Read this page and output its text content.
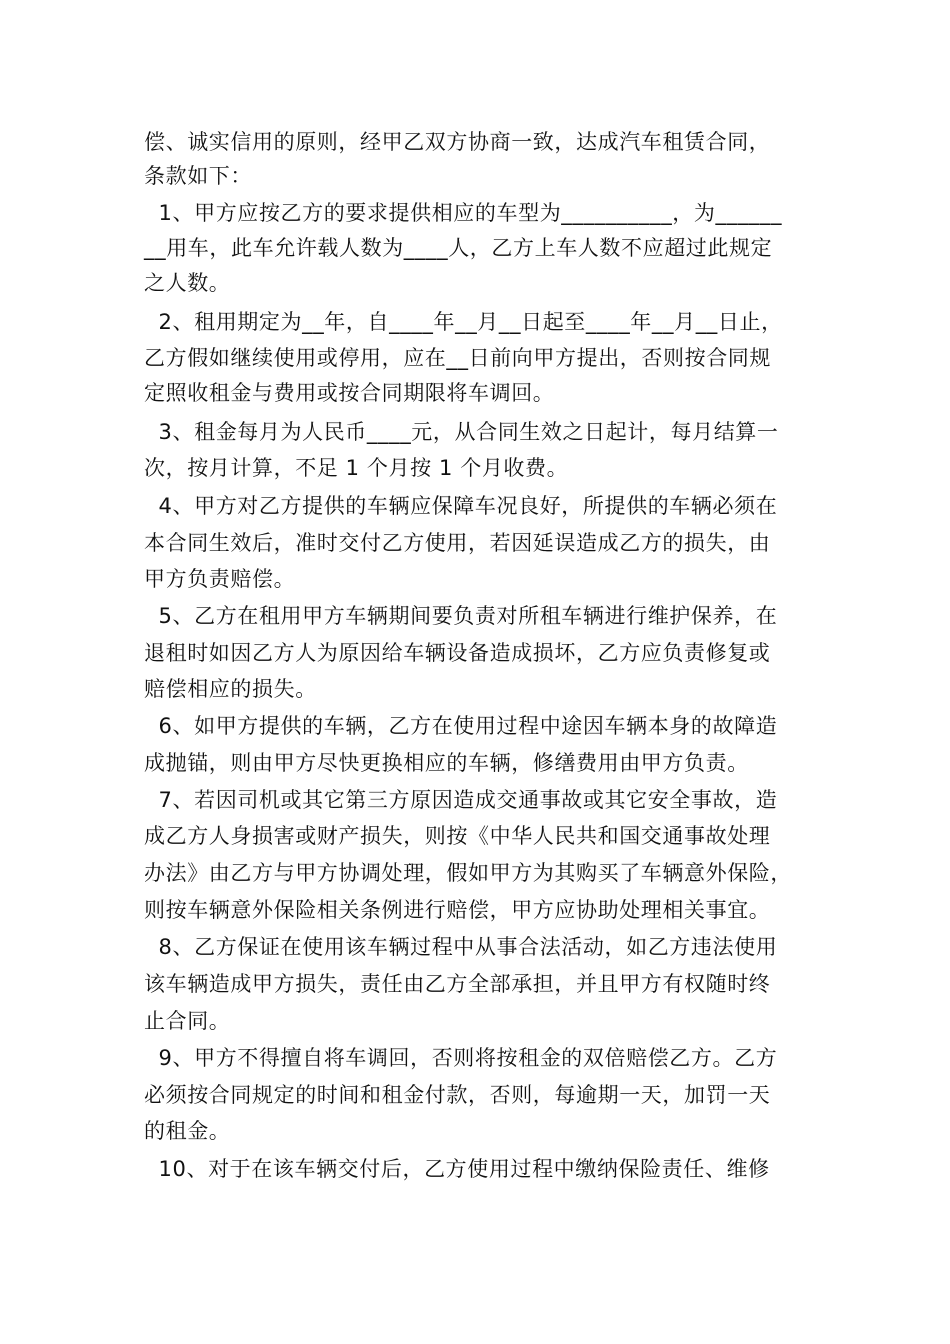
偿、诚实信用的原则，经甲乙双方协商一致，达成汽车租赁合同，
条款如下：
1、甲方应按乙方的要求提供相应的车型为__________，为______
__用车，此车允许载人数为____人，乙方上车人数不应超过此规定
之人数。
2、租用期定为__年，自____年__月__日起至____年__月__日止，
乙方假如继续使用或停用，应在__日前向甲方提出，否则按合同规
定照收租金与费用或按合同期限将车调回。
3、租金每月为人民币____元，从合同生效之日起计，每月结算一
次，按月计算，不足 1 个月按 1 个月收费。
4、甲方对乙方提供的车辆应保障车况良好，所提供的车辆必须在
本合同生效后，准时交付乙方使用，若因延误造成乙方的损失，由
甲方负责赔偿。
5、乙方在租用甲方车辆期间要负责对所租车辆进行维护保养，在
退租时如因乙方人为原因给车辆设备造成损坏，乙方应负责修复或
赔偿相应的损失。
6、如甲方提供的车辆，乙方在使用过程中途因车辆本身的故障造
成抛锚，则由甲方尽快更换相应的车辆，修缮费用由甲方负责。
7、若因司机或其它第三方原因造成交通事故或其它安全事故，造
成乙方人身损害或财产损失，则按《中华人民共和国交通事故处理
办法》由乙方与甲方协调处理，假如甲方为其购买了车辆意外保险，
则按车辆意外保险相关条例进行赔偿，甲方应协助处理相关事宜。
8、乙方保证在使用该车辆过程中从事合法活动，如乙方违法使用
该车辆造成甲方损失，责任由乙方全部承担，并且甲方有权随时终
止合同。
9、甲方不得擅自将车调回，否则将按租金的双倍赔偿乙方。乙方
必须按合同规定的时间和租金付款，否则，每逾期一天，加罚一天
的租金。
10、对于在该车辆交付后，乙方使用过程中缴纳保险责任、维修
